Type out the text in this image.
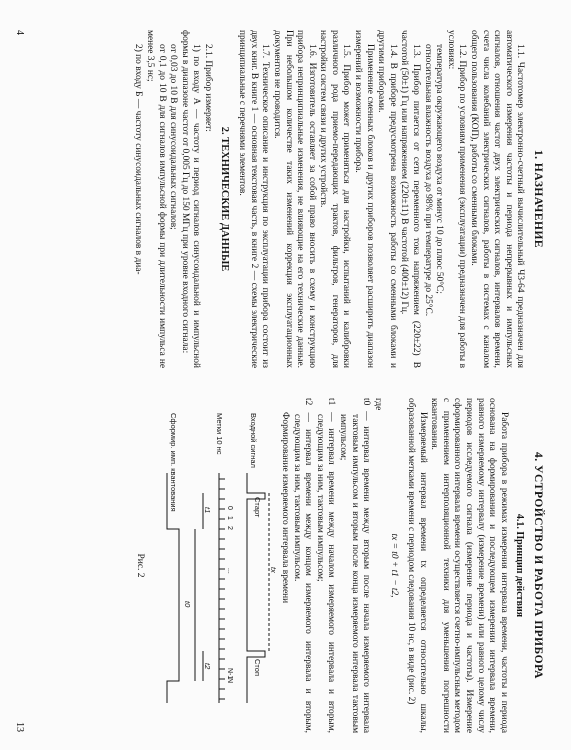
1. НАЗНАЧЕНИЕ

1.1. Частотомер электронно-счетный вычислительный Ч3-64 предназначен для автоматического измерения частоты и периода непрерывных и импульсных сигналов, отношения частот двух электрических сигналов, интервалов времени, счета числа колебаний электрических сигналов, работы в системах с каналом общего пользования (КОП), работы со сменными блоками.

1.2. Прибор по условиям применения (эксплуатации) предназначен для работы в условиях:

температура окружающего воздуха от минус 10 до плюс 50°С;

относительная влажность воздуха до 98% при температуре до 25°С.

1.3. Прибор питается от сети переменного тока напряжением (220±22) В частотой (50±1) Гц или напряжением (220±11) В частотой (400±12) Гц.

1.4. В приборе предусмотрена возможность работы со сменными блоками и другими приборами.

Применение сменных блоков и других приборов позволяет расширить диапазон измерений и возможности прибора.

1.5. Прибор может применяться для настройки, испытаний и калибровки различного рода приемо-передающих трактов, фильтров, генераторов, для настройки систем связи и других устройств.

1.6. Изготовитель оставляет за собой право вносить в схему и конструкцию прибора непринципиальные изменения, не влияющие на его технические данные. При небольшом количестве таких изменений коррекция эксплуатационных документов не проводится.

1.7. Техническое описание и инструкция по эксплуатации прибора состоит из двух книг. В книге 1 — основная текстовая часть, в книге 2 — схемы электрические принципиальные с перечнями элементов.

2. ТЕХНИЧЕСКИЕ ДАННЫЕ

2.1. Прибор измеряет:

1) по входу А — частоту и период сигналов синусоидальной и импульсной формы в диапазоне частот от 0,005 Гц до 150 МГц при уровне входного сигнала:

от 0,03 до 10 В для синусоидальных сигналов;

от 0,1 до 10 В для сигналов импульсной формы при длительности импульса не менее 3,5 нс;

2) по входу Б — частоту синусоидальных сигналов в диа-

4
4. УСТРОЙСТВО И РАБОТА ПРИБОРА
4.1. Принцип действия

Работа прибора в режимах измерения интервала времени, частоты и периода основана на формировании и последующем измерении интервала времени, равного измеряемому интервалу (измерение времени) или равного целому числу периодов исследуемого сигнала (измерение периода и частоты). Измерение сформированного интервала времени осуществляется счетно-импульсным методом с применением интерполяционной техники для уменьшения погрешности квантования.

Измеряемый интервал времени tx определяется относительно шкалы, образованной метками времени с периодом следования 10 нс, в виде (рис. 2)

tx = t0 + t1 − t2,

где

t0 — интервал времени между вторым после начала измеряемого интервала тактовым импульсом и вторым после конца измеряемого интервала тактовым импульсом;

t1 — интервал времени между началом измеряемого интервала и вторым, следующим за ним, тактовым импульсом;

t2 — интервал времени между концом измеряемого интервала и вторым, следующим за ним, тактовым импульсом.

Формирование измеряемого интервала времени

Входной сигнал
Метки 10 нс
Сформир. имп. квантования	Старт
Стоп
tx
t0
t1
t2
0
1
2
...
N-1
N

Рис. 2

13
